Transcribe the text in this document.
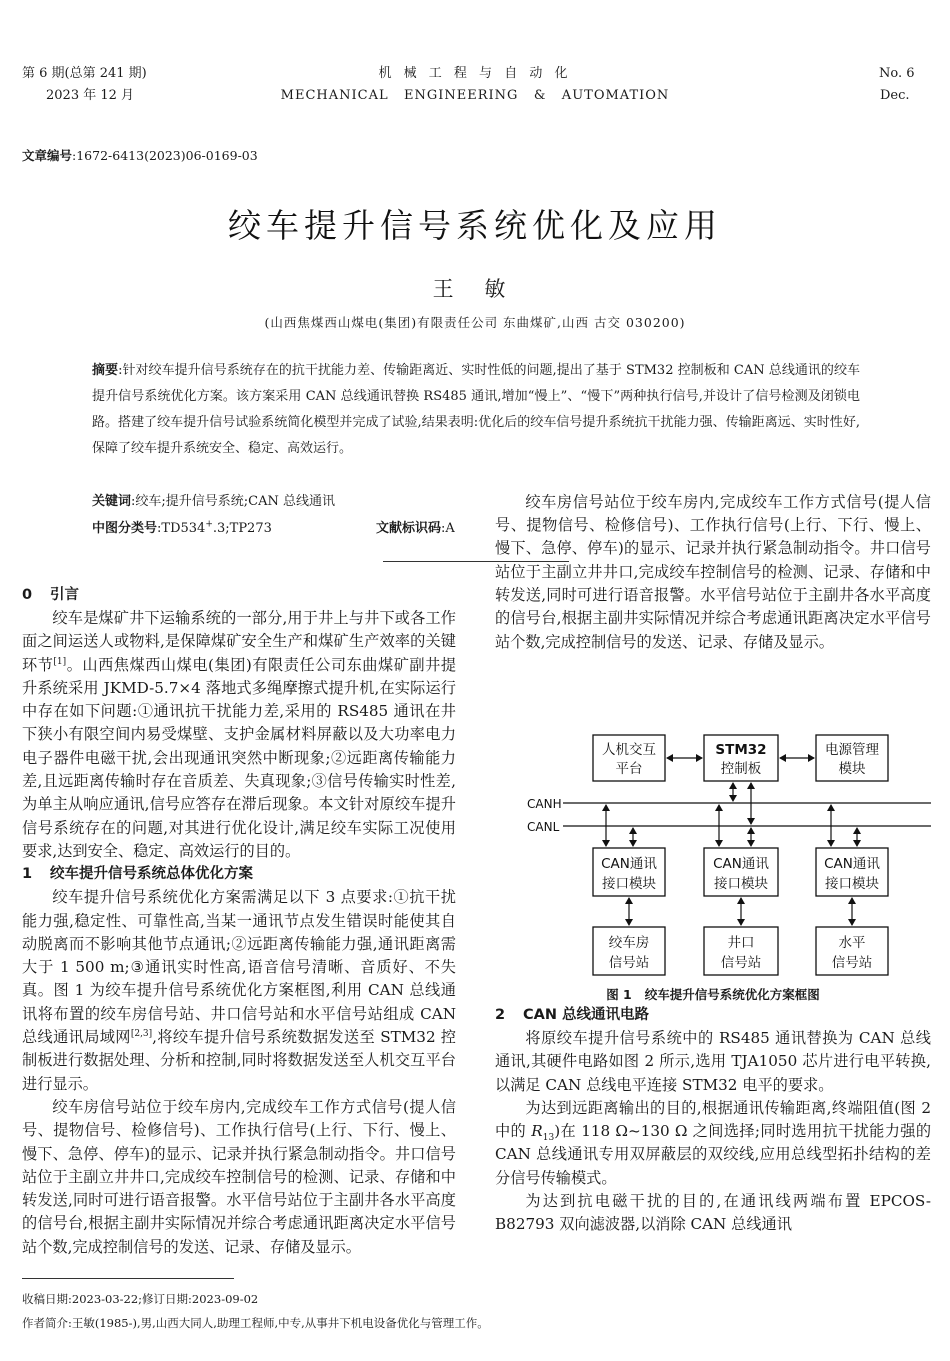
第 6 期(总第 241 期)
2023 年 12 月
机 械 工 程 与 自 动 化
MECHANICAL   ENGINEERING   &   AUTOMATION
No. 6
Dec.
文章编号:1672-6413(2023)06-0169-03
绞车提升信号系统优化及应用
王 敏
(山西焦煤西山煤电(集团)有限责任公司 东曲煤矿,山西 古交 030200)
摘要:针对绞车提升信号系统存在的抗干扰能力差、传输距离近、实时性低的问题,提出了基于 STM32 控制板和 CAN 总线通讯的绞车提升信号系统优化方案。该方案采用 CAN 总线通讯替换 RS485 通讯,增加“慢上”、“慢下”两种执行信号,并设计了信号检测及闭锁电路。搭建了绞车提升信号试验系统简化模型并完成了试验,结果表明:优化后的绞车信号提升系统抗干扰能力强、传输距离远、实时性好,保障了绞车提升系统安全、稳定、高效运行。
关键词:绞车;提升信号系统;CAN 总线通讯
中图分类号:TD534+.3;TP273	文献标识码:A
0 引言

绞车是煤矿井下运输系统的一部分,用于井上与井下或各工作面之间运送人或物料,是保障煤矿安全生产和煤矿生产效率的关键环节[1]。山西焦煤西山煤电(集团)有限责任公司东曲煤矿副井提升系统采用 JKMD-5.7×4 落地式多绳摩擦式提升机,在实际运行中存在如下问题:①通讯抗干扰能力差,采用的 RS485 通讯在井下狭小有限空间内易受煤壁、支护金属材料屏蔽以及大功率电力电子器件电磁干扰,会出现通讯突然中断现象;②远距离传输能力差,且远距离传输时存在音质差、失真现象;③信号传输实时性差,为单主从响应通讯,信号应答存在滞后现象。本文针对原绞车提升信号系统存在的问题,对其进行优化设计,满足绞车实际工况使用要求,达到安全、稳定、高效运行的目的。

1 绞车提升信号系统总体优化方案

绞车提升信号系统优化方案需满足以下 3 点要求:①抗干扰能力强,稳定性、可靠性高,当某一通讯节点发生错误时能使其自动脱离而不影响其他节点通讯;②远距离传输能力强,通讯距离需大于 1 500 m;③通讯实时性高,语音信号清晰、音质好、不失真。图 1 为绞车提升信号系统优化方案框图,利用 CAN 总线通讯将布置的绞车房信号站、井口信号站和水平信号站组成 CAN 总线通讯局域网[2,3],将绞车提升信号系统数据发送至 STM32 控制板进行数据处理、分析和控制,同时将数据发送至人机交互平台进行显示。

绞车房信号站位于绞车房内,完成绞车工作方式信号(提人信号、提物信号、检修信号)、工作执行信号(上行、下行、慢上、慢下、急停、停车)的显示、记录并执行紧急制动指令。井口信号站位于主副立井井口,完成绞车控制信号的检测、记录、存储和中转发送,同时可进行语音报警。水平信号站位于主副井各水平高度的信号台,根据主副井实际情况并综合考虑通讯距离决定水平信号站个数,完成控制信号的发送、记录、存储及显示。

绞车房信号站位于绞车房内,完成绞车工作方式信号(提人信号、提物信号、检修信号)、工作执行信号(上行、下行、慢上、慢下、急停、停车)的显示、记录并执行紧急制动指令。井口信号站位于主副立井井口,完成绞车控制信号的检测、记录、存储和中转发送,同时可进行语音报警。水平信号站位于主副井各水平高度的信号台,根据主副井实际情况并综合考虑通讯距离决定水平信号站个数,完成控制信号的发送、记录、存储及显示。

人机交互
平台
STM32
控制板
电源管理
模块
CAN通讯
接口模块
CAN通讯
接口模块
CAN通讯
接口模块
绞车房
信号站
井口
信号站
水平
信号站
CANH
CANL
图 1   绞车提升信号系统优化方案框图
2 CAN 总线通讯电路

将原绞车提升信号系统中的 RS485 通讯替换为 CAN 总线通讯,其硬件电路如图 2 所示,选用 TJA1050 芯片进行电平转换,以满足 CAN 总线电平连接 STM32 电平的要求。

为达到远距离输出的目的,根据通讯传输距离,终端阻值(图 2 中的 $R_{13}$)在 118 Ω~130 Ω 之间选择;同时选用抗干扰能力强的 CAN 总线通讯专用双屏蔽层的双绞线,应用总线型拓扑结构的差分信号传输模式。

为达到抗电磁干扰的目的,在通讯线两端布置 EPCOS-B82793 双向滤波器,以消除 CAN 总线通讯

收稿日期:2023-03-22;修订日期:2023-09-02
作者简介:王敏(1985-),男,山西大同人,助理工程师,中专,从事井下机电设备优化与管理工作。
